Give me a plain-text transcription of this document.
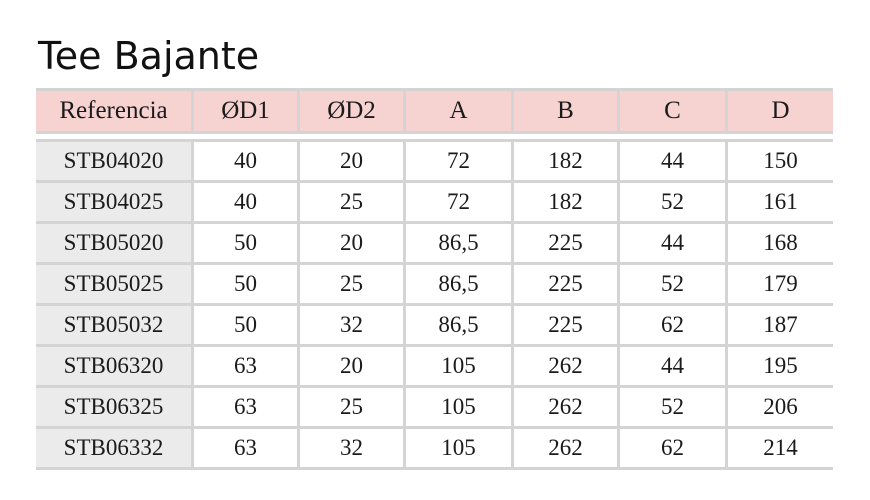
Tee Bajante
Referencia	ØD1	ØD2	A	B	C	D

STB04020	40	20	72	182	44	150
STB04025	40	25	72	182	52	161
STB05020	50	20	86,5	225	44	168
STB05025	50	25	86,5	225	52	179
STB05032	50	32	86,5	225	62	187
STB06320	63	20	105	262	44	195
STB06325	63	25	105	262	52	206
STB06332	63	32	105	262	62	214
